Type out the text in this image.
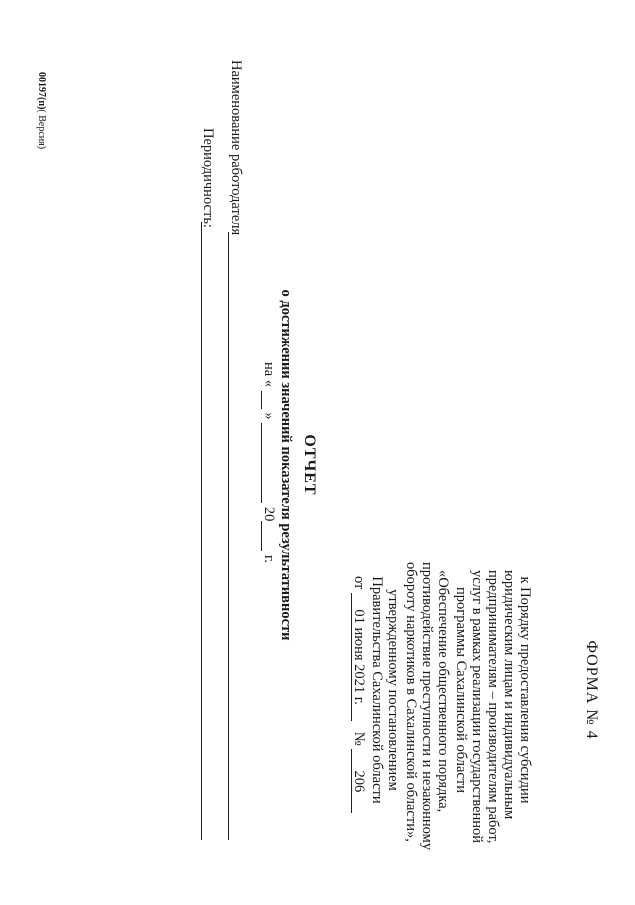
ФОРМА № 4
к Порядку предоставления субсидии
юридическим лицам и индивидуальным
предпринимателям – производителям работ,
услуг в рамках реализации государственной
программы Сахалинской области
«Обеспечение общественного порядка,
противодействие преступности и незаконному
обороту наркотиков в Сахалинской области»,
утвержденному постановлением
Правительства Сахалинской области
от 01 июня 2021 г.   № 206
ОТЧЕТ
о достижении значений показателя результативности
на «   »   20  г.
Наименование работодателя
Периодичность:
00197(п)( Версия)
